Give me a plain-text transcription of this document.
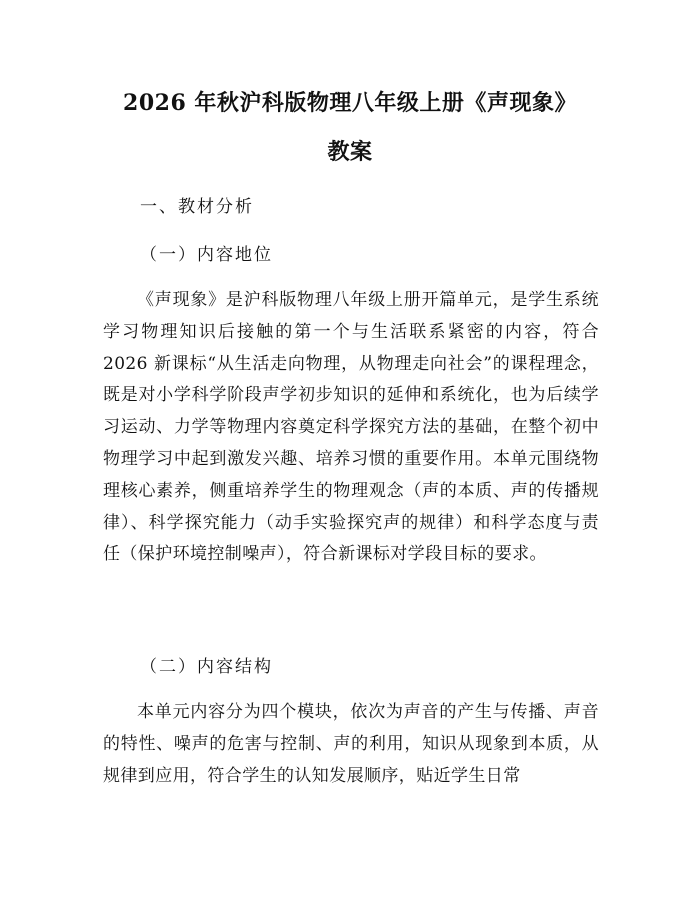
2026 年秋沪科版物理八年级上册《声现象》
教案
一、教材分析
（一）内容地位
《声现象》是沪科版物理八年级上册开篇单元，是学生系统学习物理知识后接触的第一个与生活联系紧密的内容，符合 2026 新课标“从生活走向物理，从物理走向社会”的课程理念，既是对小学科学阶段声学初步知识的延伸和系统化，也为后续学习运动、力学等物理内容奠定科学探究方法的基础，在整个初中物理学习中起到激发兴趣、培养习惯的重要作用。本单元围绕物理核心素养，侧重培养学生的物理观念（声的本质、声的传播规律）、科学探究能力（动手实验探究声的规律）和科学态度与责任（保护环境控制噪声），符合新课标对学段目标的要求。
（二）内容结构
本单元内容分为四个模块，依次为声音的产生与传播、声音的特性、噪声的危害与控制、声的利用，知识从现象到本质，从规律到应用，符合学生的认知发展顺序，贴近学生日常
